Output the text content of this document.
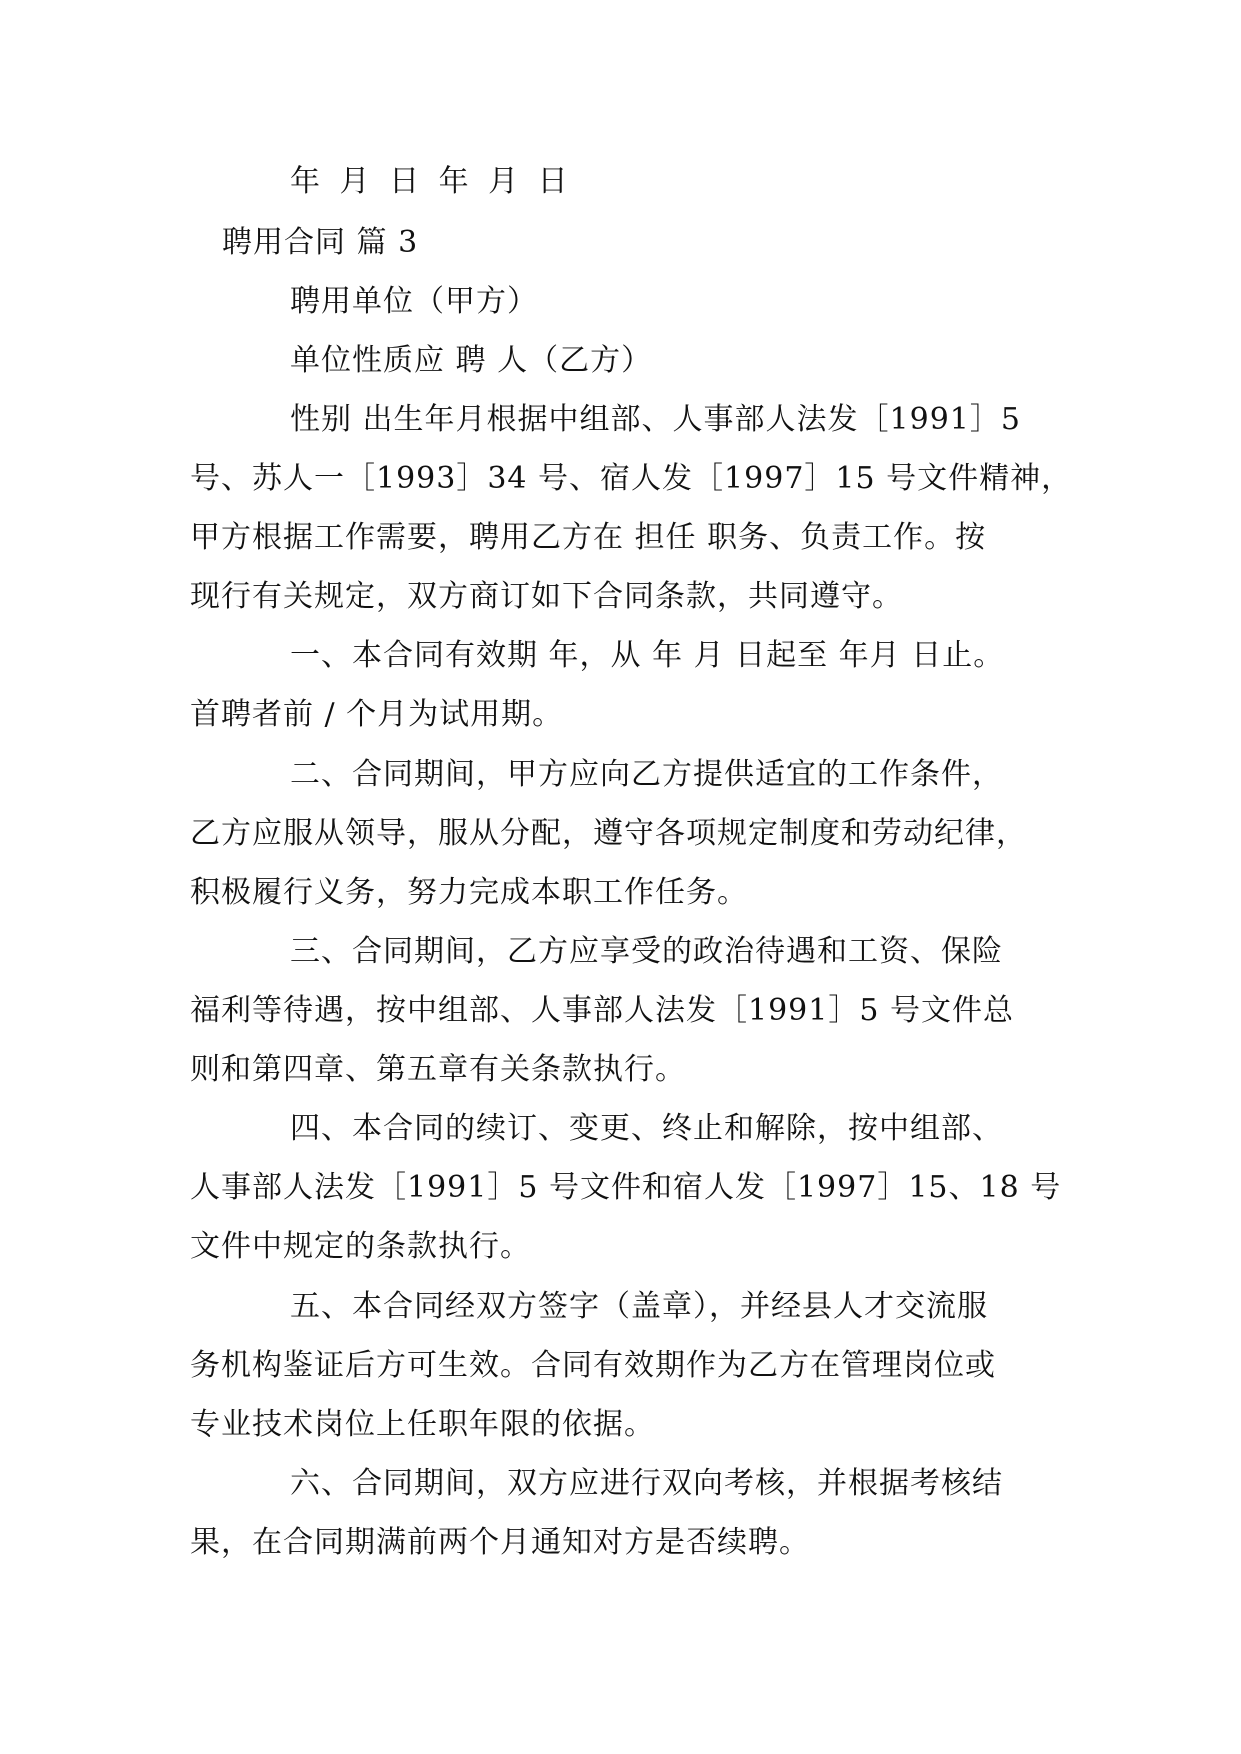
年 月 日 年 月 日
聘用合同 篇 3
聘用单位（甲方）
单位性质应 聘 人（乙方）
性别 出生年月根据中组部、人事部人法发［1991］5
号、苏人一［1993］34 号、宿人发［1997］15 号文件精神，
甲方根据工作需要，聘用乙方在 担任 职务、负责工作。按
现行有关规定，双方商订如下合同条款，共同遵守。
一、本合同有效期 年，从 年 月 日起至 年月 日止。
首聘者前 / 个月为试用期。
二、合同期间，甲方应向乙方提供适宜的工作条件，
乙方应服从领导，服从分配，遵守各项规定制度和劳动纪律，
积极履行义务，努力完成本职工作任务。
三、合同期间，乙方应享受的政治待遇和工资、保险
福利等待遇，按中组部、人事部人法发［1991］5 号文件总
则和第四章、第五章有关条款执行。
四、本合同的续订、变更、终止和解除，按中组部、
人事部人法发［1991］5 号文件和宿人发［1997］15、18 号
文件中规定的条款执行。
五、本合同经双方签字（盖章），并经县人才交流服
务机构鉴证后方可生效。合同有效期作为乙方在管理岗位或
专业技术岗位上任职年限的依据。
六、合同期间，双方应进行双向考核，并根据考核结
果，在合同期满前两个月通知对方是否续聘。
